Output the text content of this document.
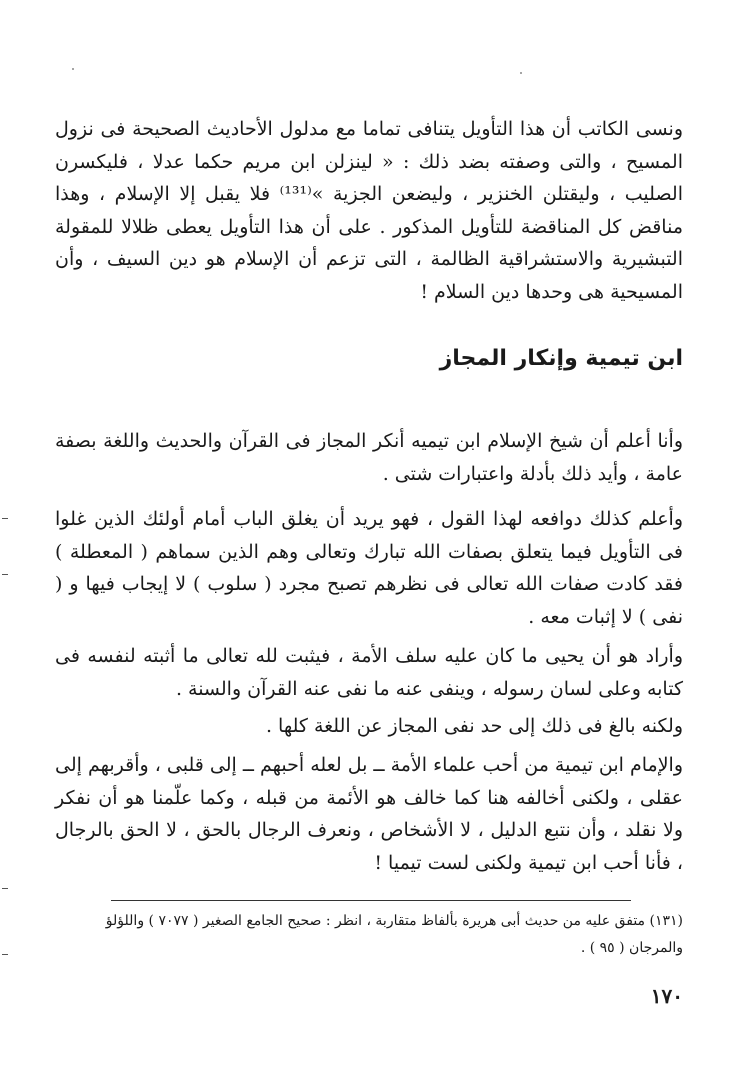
ونسى الكاتب أن هذا التأويل يتنافى تماما مع مدلول الأحاديث الصحيحة فى نزول المسيح ، والتى وصفته بضد ذلك : « لينزلن ابن مريم حكما عدلا ، فليكسرن الصليب ، وليقتلن الخنزير ، وليضعن الجزية »⁽¹³¹⁾ فلا يقبل إلا الإسلام ، وهذا مناقض كل المناقضة للتأويل المذكور . على أن هذا التأويل يعطى ظلالا للمقولة التبشيرية والاستشراقية الظالمة ، التى تزعم أن الإسلام هو دين السيف ، وأن المسيحية هى وحدها دين السلام !

ابن تيمية وإنكار المجاز

وأنا أعلم أن شيخ الإسلام ابن تيميه أنكر المجاز فى القرآن والحديث واللغة بصفة عامة ، وأيد ذلك بأدلة واعتبارات شتى .

وأعلم كذلك دوافعه لهذا القول ، فهو يريد أن يغلق الباب أمام أولئك الذين غلوا فى التأويل فيما يتعلق بصفات الله تبارك وتعالى وهم الذين سماهم ( المعطلة ) فقد كادت صفات الله تعالى فى نظرهم تصبح مجرد ( سلوب ) لا إيجاب فيها و ( نفى ) لا إثبات معه .

وأراد هو أن يحيى ما كان عليه سلف الأمة ، فيثبت لله تعالى ما أثبته لنفسه فى كتابه وعلى لسان رسوله ، وينفى عنه ما نفى عنه القرآن والسنة .

ولكنه بالغ فى ذلك إلى حد نفى المجاز عن اللغة كلها .

والإمام ابن تيمية من أحب علماء الأمة ــ بل لعله أحبهم ــ إلى قلبى ، وأقربهم إلى عقلى ، ولكنى أخالفه هنا كما خالف هو الأئمة من قبله ، وكما علّمنا هو أن نفكر ولا نقلد ، وأن نتبع الدليل ، لا الأشخاص ، ونعرف الرجال بالحق ، لا الحق بالرجال ، فأنا أحب ابن تيمية ولكنى لست تيميا !

(١٣١) متفق عليه من حديث أبى هريرة بألفاظ متقاربة ، انظر : صحيح الجامع الصغير ( ٧٠٧٧ ) واللؤلؤ والمرجان ( ٩٥ ) .

١٧٠
